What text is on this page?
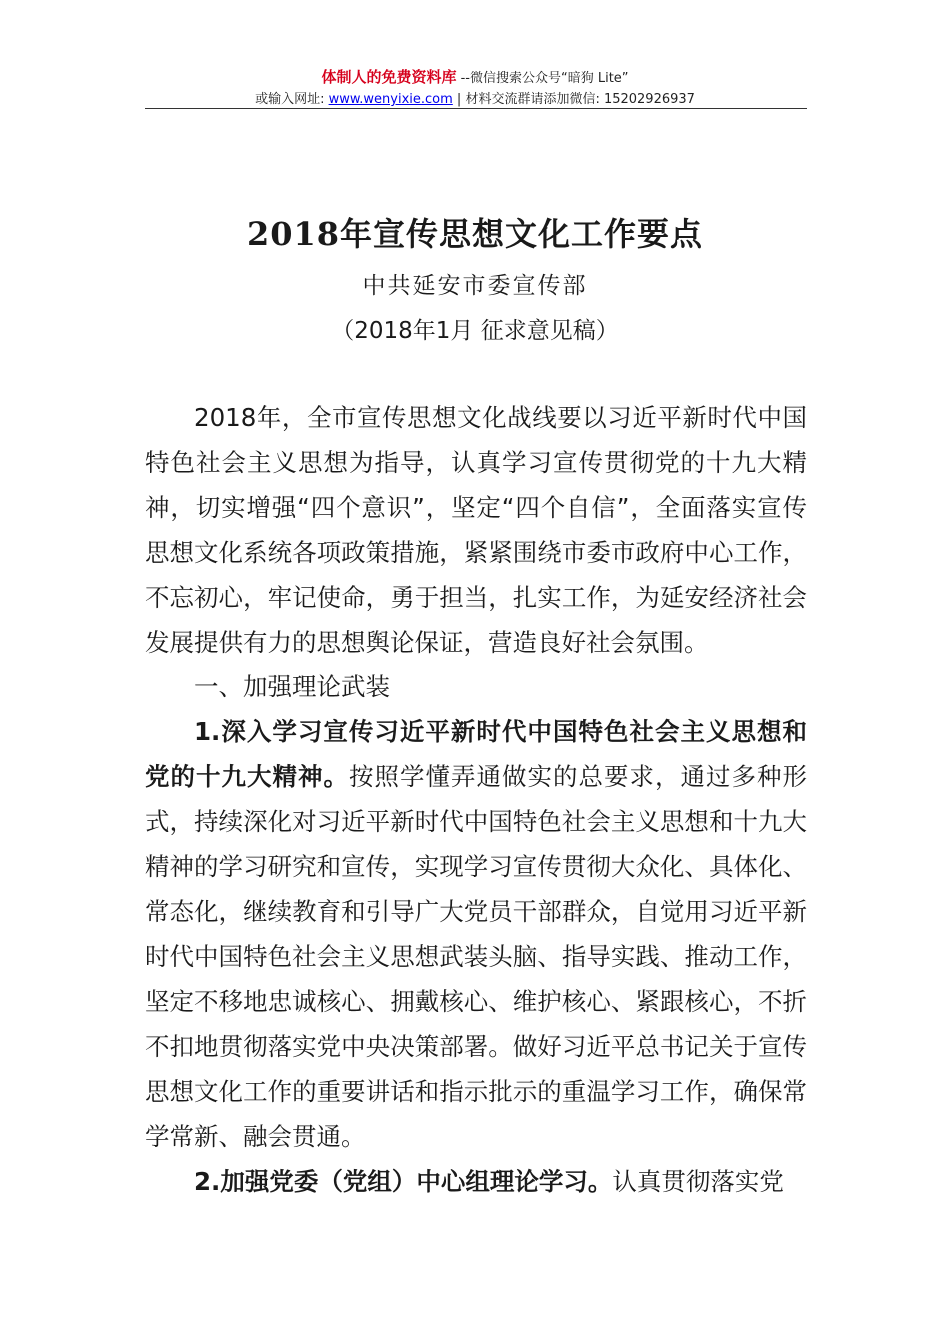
体制人的免费资料库 --微信搜索公众号“暗狗 Lite”
或输入网址: www.wenyixie.com | 材料交流群请添加微信: 15202926937
2018年宣传思想文化工作要点
中共延安市委宣传部
（2018年1月 征求意见稿）

2018年，全市宣传思想文化战线要以习近平新时代中国特色社会主义思想为指导，认真学习宣传贯彻党的十九大精神，切实增强“四个意识”，坚定“四个自信”，全面落实宣传思想文化系统各项政策措施，紧紧围绕市委市政府中心工作，不忘初心，牢记使命，勇于担当，扎实工作，为延安经济社会发展提供有力的思想舆论保证，营造良好社会氛围。

一、加强理论武装

1.深入学习宣传习近平新时代中国特色社会主义思想和党的十九大精神。按照学懂弄通做实的总要求，通过多种形式，持续深化对习近平新时代中国特色社会主义思想和十九大精神的学习研究和宣传，实现学习宣传贯彻大众化、具体化、常态化，继续教育和引导广大党员干部群众，自觉用习近平新时代中国特色社会主义思想武装头脑、指导实践、推动工作，坚定不移地忠诚核心、拥戴核心、维护核心、紧跟核心，不折不扣地贯彻落实党中央决策部署。做好习近平总书记关于宣传思想文化工作的重要讲话和指示批示的重温学习工作，确保常学常新、融会贯通。

2.加强党委（党组）中心组理论学习。认真贯彻落实党
